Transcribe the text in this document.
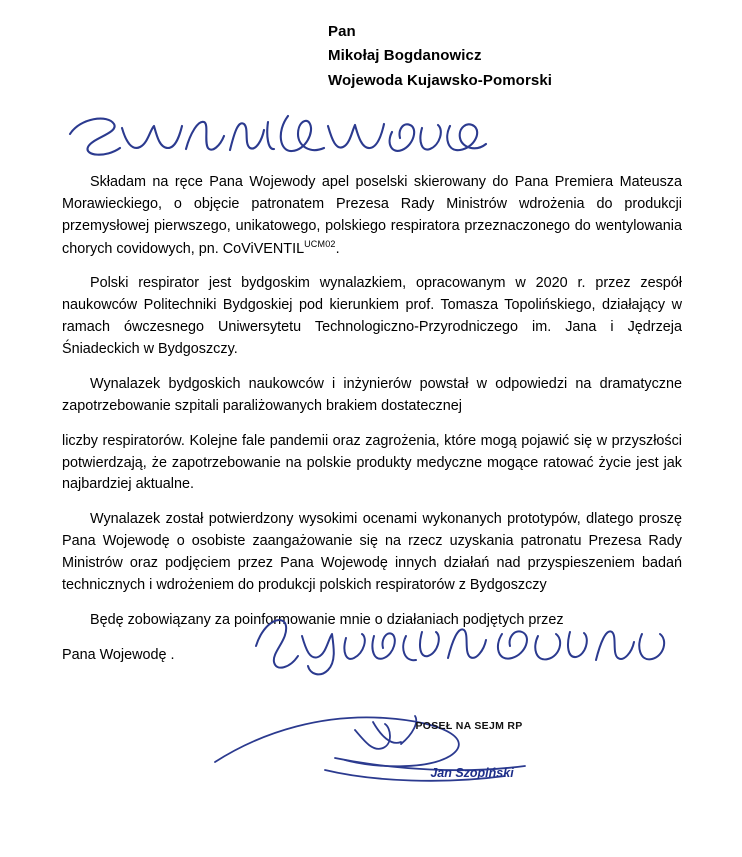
Pan
Mikołaj Bogdanowicz
Wojewoda Kujawsko-Pomorski

Składam na ręce Pana Wojewody apel poselski skierowany do Pana Premiera Mateusza Morawieckiego, o objęcie patronatem Prezesa Rady Ministrów wdrożenia do produkcji przemysłowej pierwszego, unikatowego, polskiego respiratora przeznaczonego do wentylowania chorych covidowych, pn. CoViVENTIL$^{UCM02}$.

Polski respirator jest bydgoskim wynalazkiem, opracowanym w 2020 r. przez zespół naukowców Politechniki Bydgoskiej pod kierunkiem prof. Tomasza Topolińskiego, działający w ramach ówczesnego Uniwersytetu Technologiczno-Przyrodniczego im. Jana i Jędrzeja Śniadeckich w Bydgoszczy.

Wynalazek bydgoskich naukowców i inżynierów powstał w odpowiedzi na dramatyczne zapotrzebowanie szpitali paraliżowanych brakiem dostatecznej

liczby respiratorów. Kolejne fale pandemii oraz zagrożenia, które mogą pojawić się w przyszłości potwierdzają, że zapotrzebowanie na polskie produkty medyczne mogące ratować życie jest jak najbardziej aktualne.

Wynalazek został potwierdzony wysokimi ocenami wykonanych prototypów, dlatego proszę Pana Wojewodę o osobiste zaangażowanie się na rzecz uzyskania patronatu Prezesa Rady Ministrów oraz podjęciem przez Pana Wojewodę innych działań nad przyspieszeniem badań technicznych i wdrożeniem do produkcji polskich respiratorów z Bydgoszczy

Będę zobowiązany za poinformowanie mnie o działaniach podjętych przez

Pana Wojewodę .

POSEŁ NA SEJM RP
Jan Szopiński
